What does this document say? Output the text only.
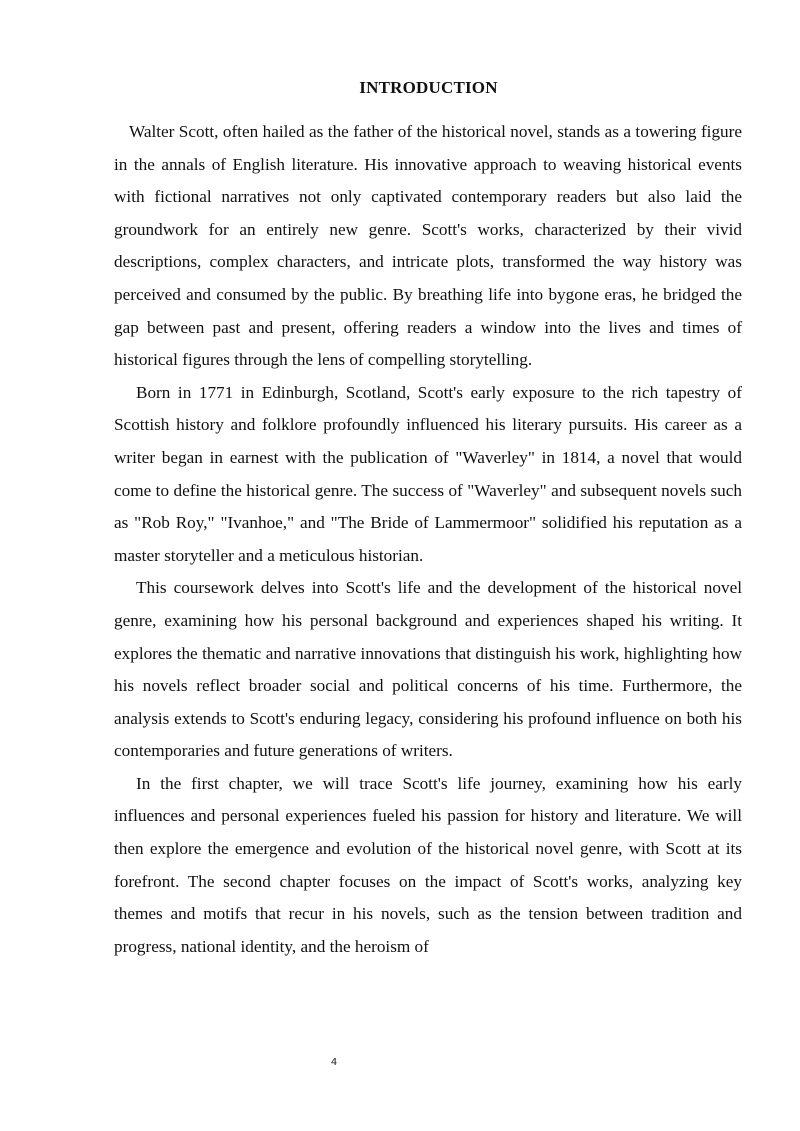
INTRODUCTION

Walter Scott, often hailed as the father of the historical novel, stands as a towering figure in the annals of English literature. His innovative approach to weaving historical events with fictional narratives not only captivated contemporary readers but also laid the groundwork for an entirely new genre. Scott's works, characterized by their vivid descriptions, complex characters, and intricate plots, transformed the way history was perceived and consumed by the public. By breathing life into bygone eras, he bridged the gap between past and present, offering readers a window into the lives and times of historical figures through the lens of compelling storytelling.

Born in 1771 in Edinburgh, Scotland, Scott's early exposure to the rich tapestry of Scottish history and folklore profoundly influenced his literary pursuits. His career as a writer began in earnest with the publication of "Waverley" in 1814, a novel that would come to define the historical genre. The success of "Waverley" and subsequent novels such as "Rob Roy," "Ivanhoe," and "The Bride of Lammermoor" solidified his reputation as a master storyteller and a meticulous historian.

This coursework delves into Scott's life and the development of the historical novel genre, examining how his personal background and experiences shaped his writing. It explores the thematic and narrative innovations that distinguish his work, highlighting how his novels reflect broader social and political concerns of his time. Furthermore, the analysis extends to Scott's enduring legacy, considering his profound influence on both his contemporaries and future generations of writers.

In the first chapter, we will trace Scott's life journey, examining how his early influences and personal experiences fueled his passion for history and literature. We will then explore the emergence and evolution of the historical novel genre, with Scott at its forefront. The second chapter focuses on the impact of Scott's works, analyzing key themes and motifs that recur in his novels, such as the tension between tradition and progress, national identity, and the heroism of

4
